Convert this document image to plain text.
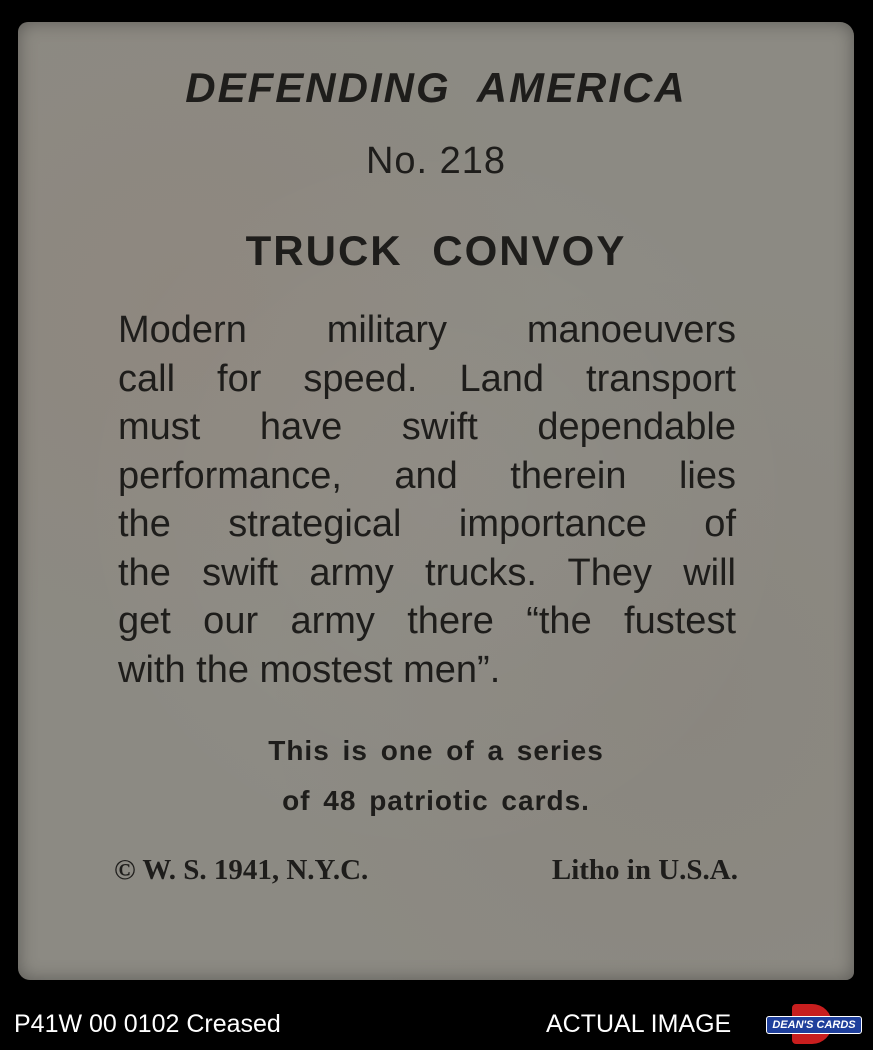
DEFENDING AMERICA
No. 218
TRUCK CONVOY
Modern military manoeuvers
call for speed. Land transport
must have swift dependable
performance, and therein lies
the strategical importance of
the swift army trucks. They will
get our army there “the fustest
with the mostest men”.
This is one of a series
of 48 patriotic cards.
© W. S. 1941, N.Y.C.	Litho in U.S.A.
P41W 00 0102 Creased	ACTUAL IMAGE	DEAN'S CARDS
